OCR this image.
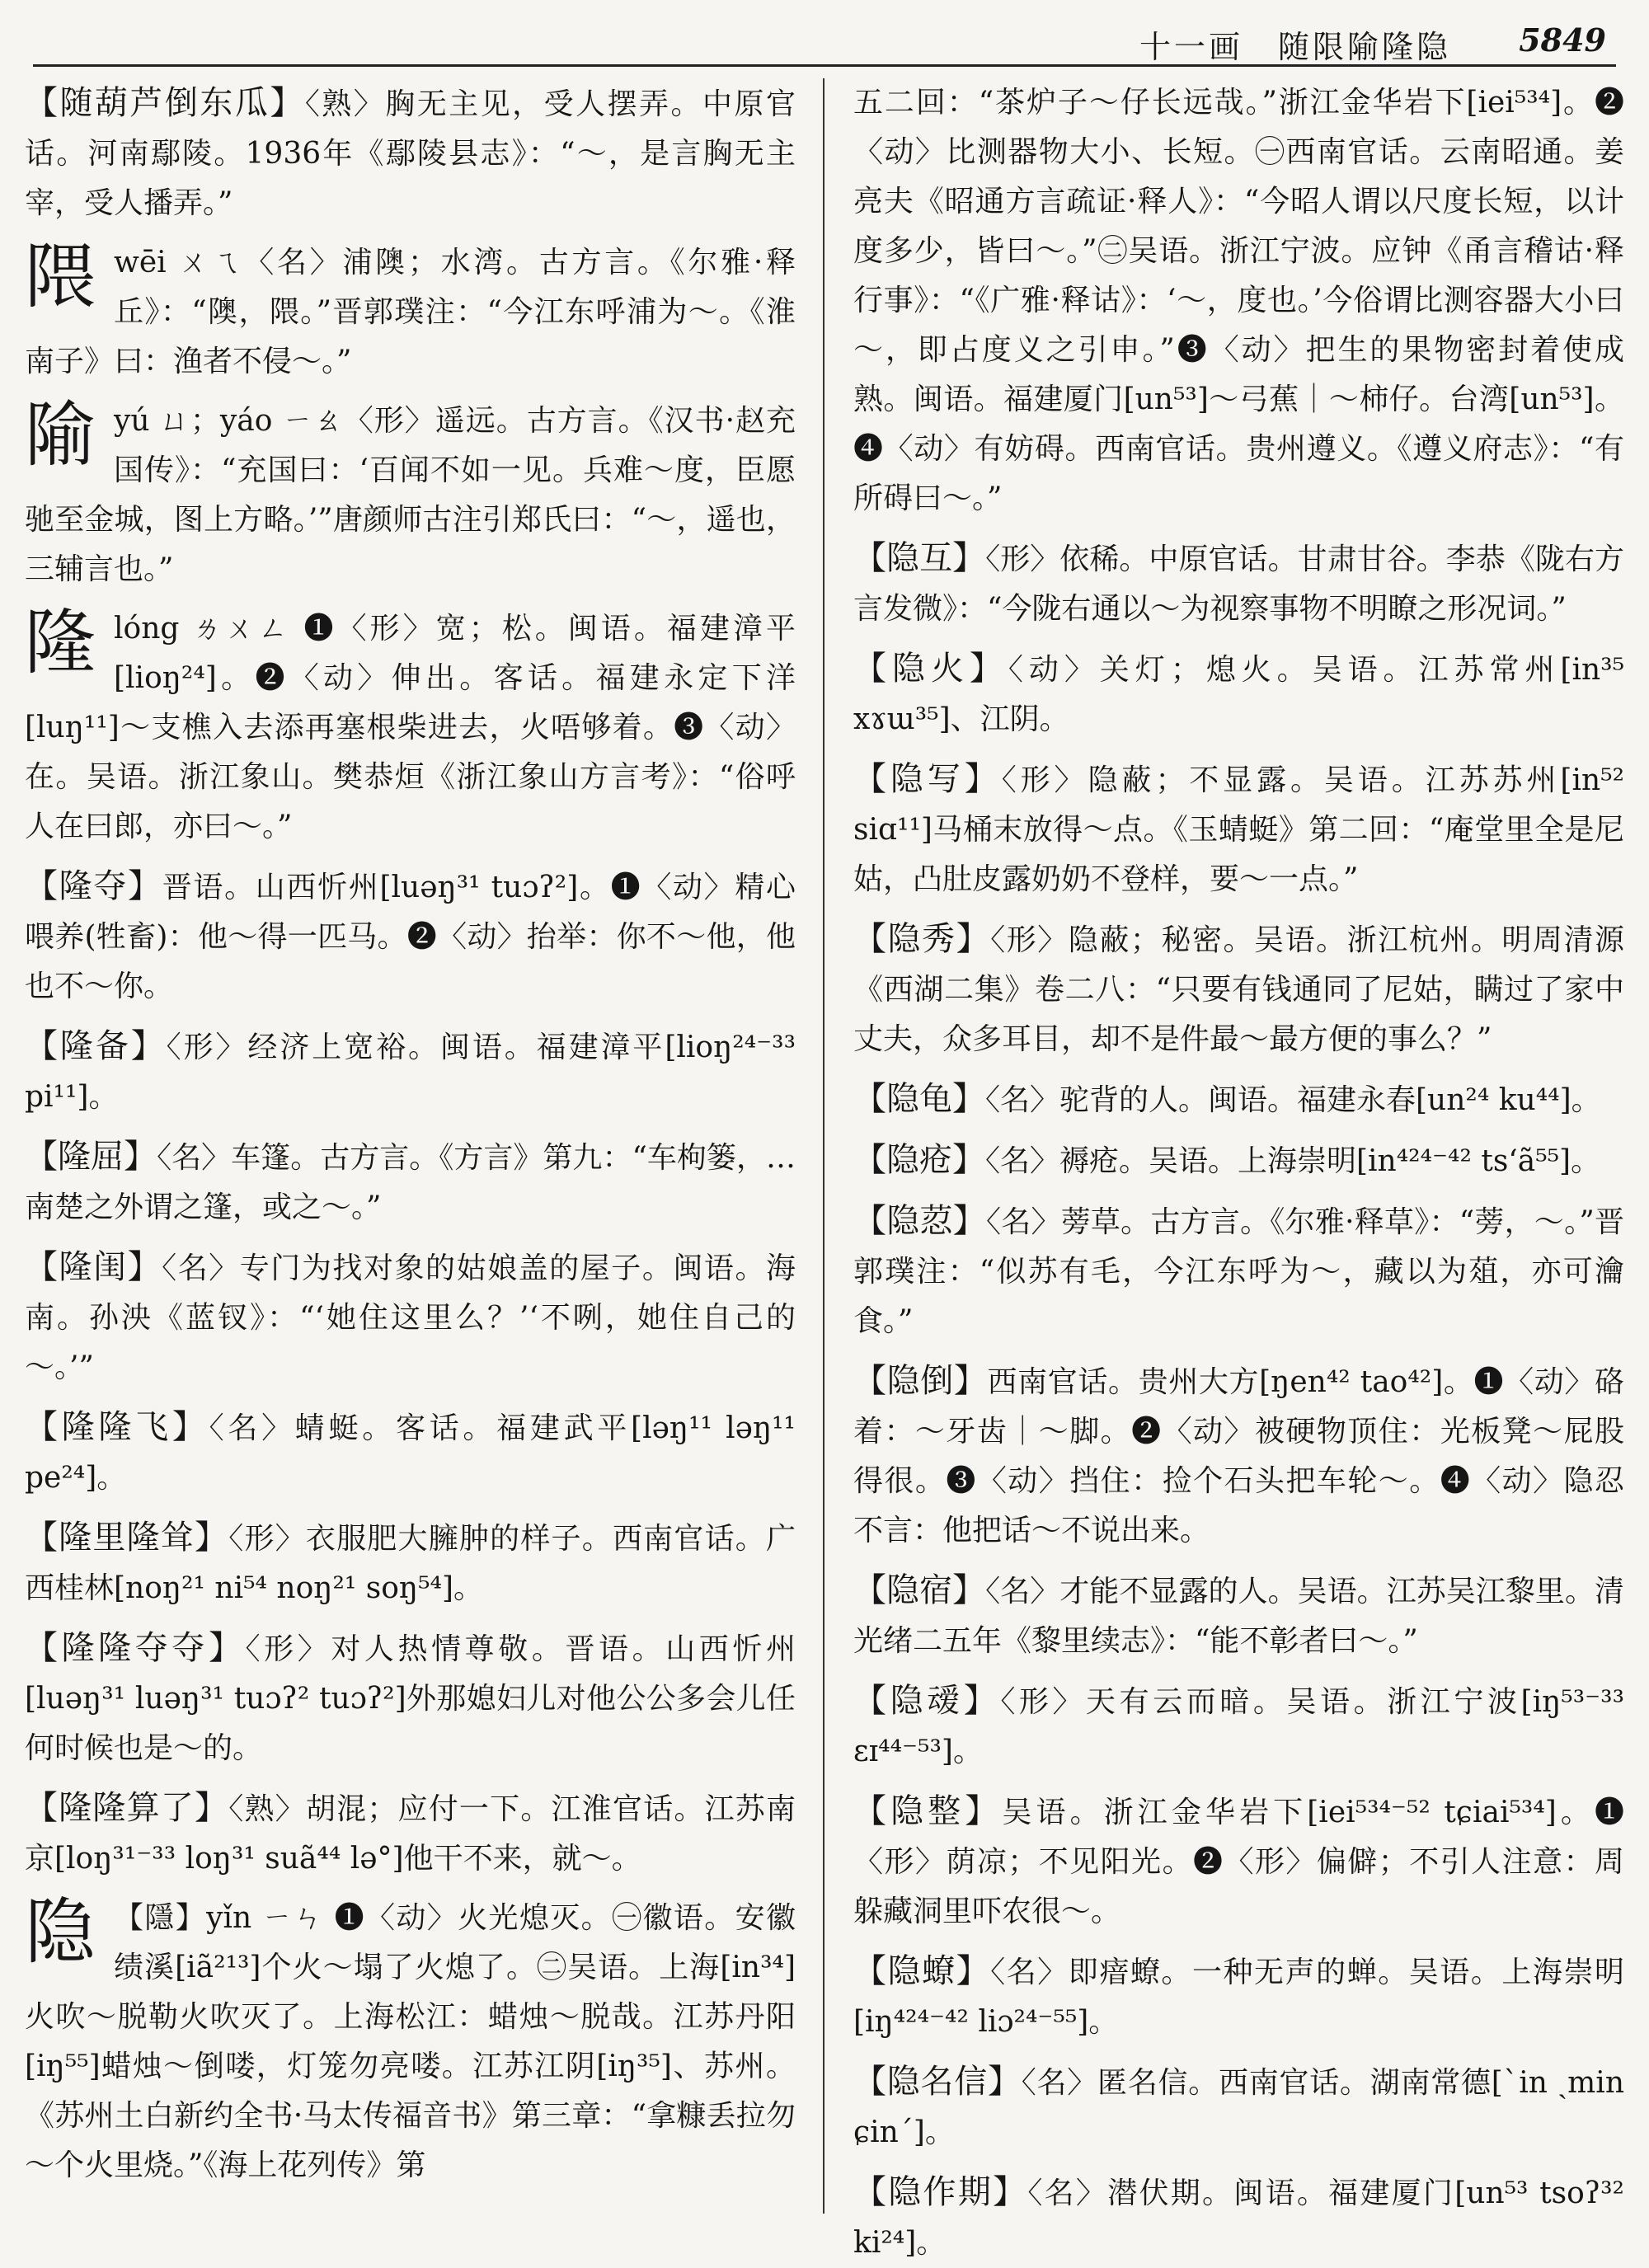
十一画　随限隃隆隐 5849

【随葫芦倒东瓜】〈熟〉胸无主见，受人摆弄。中原官话。河南鄢陵。1936年《鄢陵县志》：“～，是言胸无主宰，受人播弄。”

隈 wēi ㄨㄟ〈名〉浦隩；水湾。古方言。《尔雅·释丘》：“隩，隈。”晋郭璞注：“今江东呼浦为～。《淮南子》曰：渔者不侵～。”
隃 yú ㄩ；yáo ㄧㄠ〈形〉遥远。古方言。《汉书·赵充国传》：“充国曰：‘百闻不如一见。兵难～度，臣愿驰至金城，图上方略。’”唐颜师古注引郑氏曰：“～，遥也，三辅言也。”
隆 lóng ㄌㄨㄥ ❶〈形〉宽；松。闽语。福建漳平[lioŋ²⁴]。❷〈动〉伸出。客话。福建永定下洋[luŋ¹¹]～支樵入去添再塞根柴进去，火唔够着。❸〈动〉在。吴语。浙江象山。樊恭烜《浙江象山方言考》：“俗呼人在曰郎，亦曰～。”

【隆夺】晋语。山西忻州[luəŋ³¹ tuɔʔ²]。❶〈动〉精心喂养(牲畜)：他～得一匹马。❷〈动〉抬举：你不～他，他也不～你。

【隆备】〈形〉经济上宽裕。闽语。福建漳平[lioŋ²⁴⁻³³ pi¹¹]。

【隆屈】〈名〉车篷。古方言。《方言》第九：“车枸篓，…南楚之外谓之篷，或之～。”

【隆闺】〈名〉专门为找对象的姑娘盖的屋子。闽语。海南。孙泱《蓝钗》：“‘她住这里么？’‘不咧，她住自己的～。’”

【隆隆飞】〈名〉蜻蜓。客话。福建武平[ləŋ¹¹ ləŋ¹¹ pe²⁴]。

【隆里隆耸】〈形〉衣服肥大臃肿的样子。西南官话。广西桂林[noŋ²¹ ni⁵⁴ noŋ²¹ soŋ⁵⁴]。

【隆隆夺夺】〈形〉对人热情尊敬。晋语。山西忻州[luəŋ³¹ luəŋ³¹ tuɔʔ² tuɔʔ²]外那媳妇儿对他公公多会儿任何时候也是～的。

【隆隆算了】〈熟〉胡混；应付一下。江淮官话。江苏南京[loŋ³¹⁻³³ loŋ³¹ suã⁴⁴ lə°]他干不来，就～。

隐 【隱】yǐn ㄧㄣ ❶〈动〉火光熄灭。㊀徽语。安徽绩溪[iã²¹³]个火～塌了火熄了。㊁吴语。上海[in³⁴]火吹～脱勒火吹灭了。上海松江：蜡烛～脱哉。江苏丹阳[iŋ⁵⁵]蜡烛～倒喽，灯笼勿亮喽。江苏江阴[iŋ³⁵]、苏州。《苏州土白新约全书·马太传福音书》第三章：“拿糠丢拉勿～个火里烧。”《海上花列传》第

五二回：“茶炉子～仔长远哉。”浙江金华岩下[iei⁵³⁴]。❷〈动〉比测器物大小、长短。㊀西南官话。云南昭通。姜亮夫《昭通方言疏证·释人》：“今昭人谓以尺度长短，以计度多少，皆曰～。”㊁吴语。浙江宁波。应钟《甬言稽诂·释行事》：“《广雅·释诂》：‘～，度也。’今俗谓比测容器大小曰～，即占度义之引申。”❸〈动〉把生的果物密封着使成熟。闽语。福建厦门[un⁵³]～弓蕉｜～柿仔。台湾[un⁵³]。❹〈动〉有妨碍。西南官话。贵州遵义。《遵义府志》：“有所碍曰～。”

【隐互】〈形〉依稀。中原官话。甘肃甘谷。李恭《陇右方言发微》：“今陇右通以～为视察事物不明瞭之形况词。”

【隐火】〈动〉关灯；熄火。吴语。江苏常州[in³⁵ xɤɯ³⁵]、江阴。

【隐写】〈形〉隐蔽；不显露。吴语。江苏苏州[in⁵² siɑ¹¹]马桶末放得～点。《玉蜻蜓》第二回：“庵堂里全是尼姑，凸肚皮露奶奶不登样，要～一点。”

【隐秀】〈形〉隐蔽；秘密。吴语。浙江杭州。明周清源《西湖二集》卷二八：“只要有钱通同了尼姑，瞒过了家中丈夫，众多耳目，却不是件最～最方便的事么？”

【隐龟】〈名〉驼背的人。闽语。福建永春[un²⁴ ku⁴⁴]。

【隐疮】〈名〉褥疮。吴语。上海崇明[in⁴²⁴⁻⁴² tsʻã⁵⁵]。

【隐荵】〈名〉蒡草。古方言。《尔雅·释草》：“蒡，～。”晋郭璞注：“似苏有毛，今江东呼为～，藏以为葅，亦可瀹食。”

【隐倒】西南官话。贵州大方[ŋen⁴² tao⁴²]。❶〈动〉硌着：～牙齿｜～脚。❷〈动〉被硬物顶住：光板凳～屁股得很。❸〈动〉挡住：捡个石头把车轮～。❹〈动〉隐忍不言：他把话～不说出来。

【隐宿】〈名〉才能不显露的人。吴语。江苏吴江黎里。清光绪二五年《黎里续志》：“能不彰者曰～。”

【隐叆】〈形〉天有云而暗。吴语。浙江宁波[iŋ⁵³⁻³³ ɛɪ⁴⁴⁻⁵³]。

【隐整】吴语。浙江金华岩下[iei⁵³⁴⁻⁵² tɕiai⁵³⁴]。❶〈形〉荫凉；不见阳光。❷〈形〉偏僻；不引人注意：周躲藏洞里吓农很～。

【隐蟟】〈名〉即瘖蟟。一种无声的蝉。吴语。上海崇明[iŋ⁴²⁴⁻⁴² liɔ²⁴⁻⁵⁵]。

【隐名信】〈名〉匿名信。西南官话。湖南常德[ˋin ˏmin ɕinˊ]。

【隐作期】〈名〉潜伏期。闽语。福建厦门[un⁵³ tsoʔ³² ki²⁴]。
